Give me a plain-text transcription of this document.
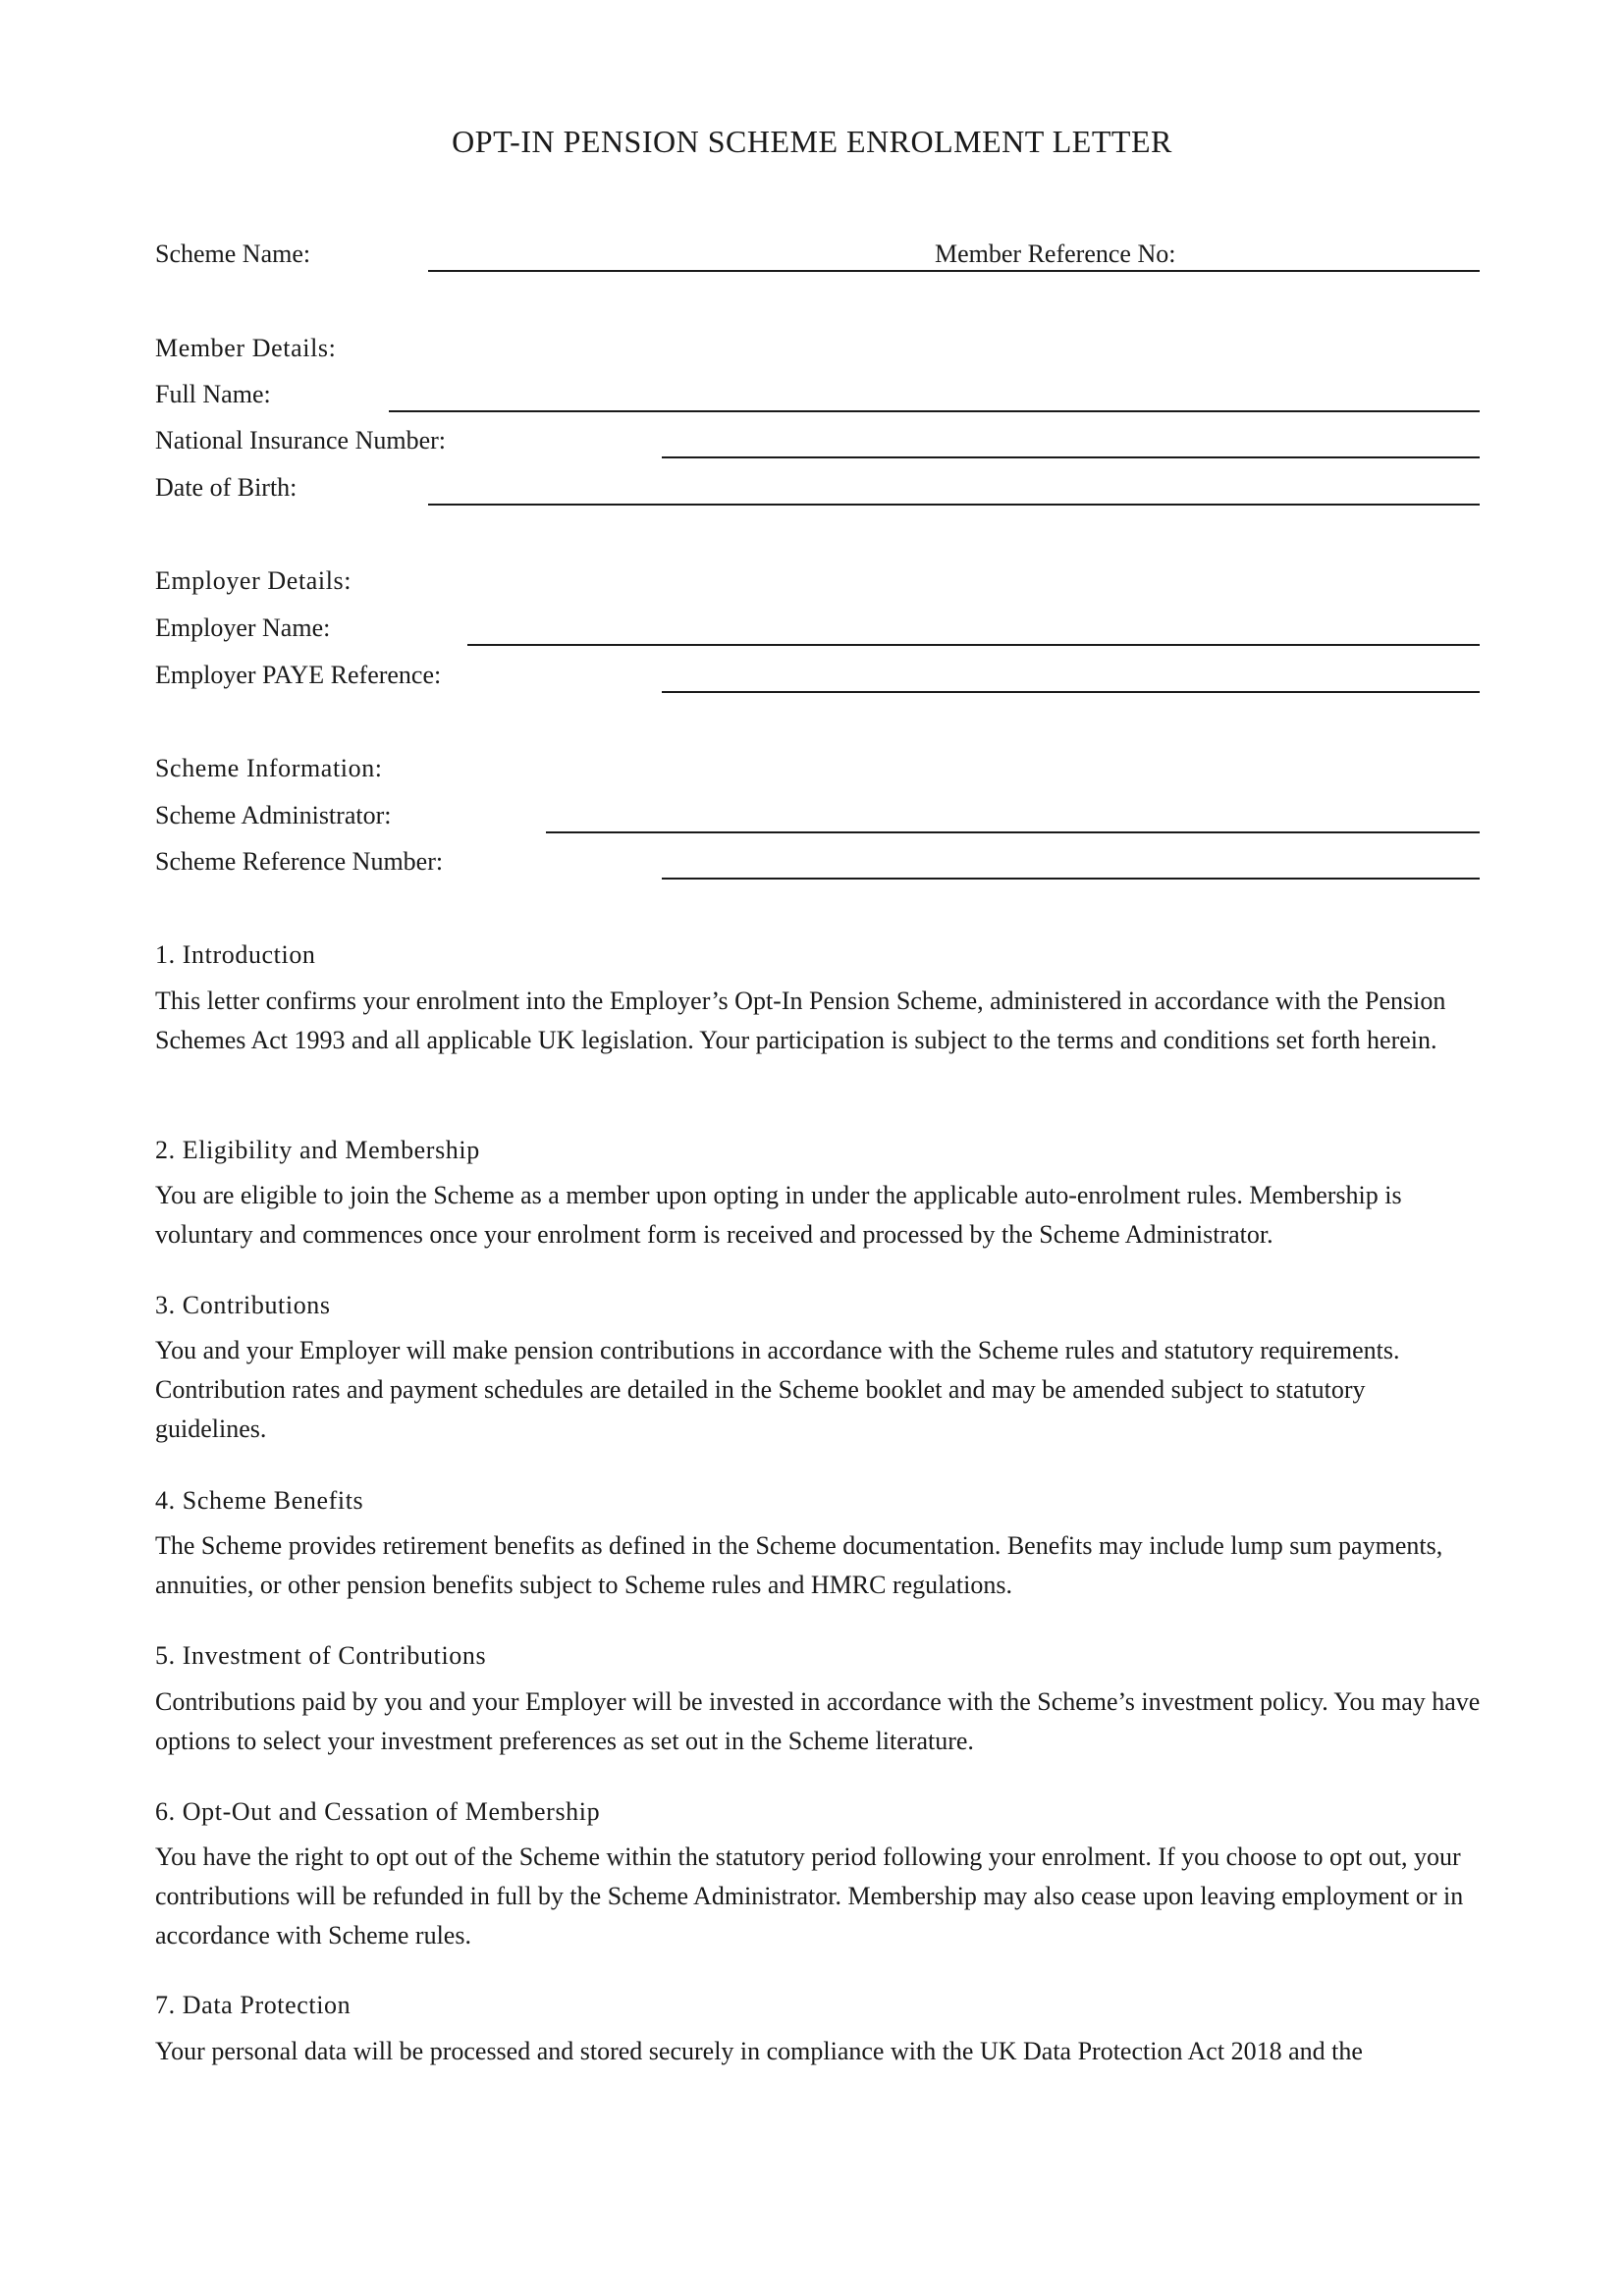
OPT-IN PENSION SCHEME ENROLMENT LETTER
Scheme Name:	Member Reference No:
Member Details:
Full Name:
National Insurance Number:
Date of Birth:
Employer Details:
Employer Name:
Employer PAYE Reference:
Scheme Information:
Scheme Administrator:
Scheme Reference Number:
1. Introduction

This letter confirms your enrolment into the Employer’s Opt-In Pension Scheme, administered in accordance with the Pension Schemes Act 1993 and all applicable UK legislation. Your participation is subject to the terms and conditions set forth herein.

2. Eligibility and Membership

You are eligible to join the Scheme as a member upon opting in under the applicable auto-enrolment rules. Membership is voluntary and commences once your enrolment form is received and processed by the Scheme Administrator.

3. Contributions

You and your Employer will make pension contributions in accordance with the Scheme rules and statutory requirements. Contribution rates and payment schedules are detailed in the Scheme booklet and may be amended subject to statutory guidelines.

4. Scheme Benefits

The Scheme provides retirement benefits as defined in the Scheme documentation. Benefits may include lump sum payments, annuities, or other pension benefits subject to Scheme rules and HMRC regulations.

5. Investment of Contributions

Contributions paid by you and your Employer will be invested in accordance with the Scheme’s investment policy. You may have options to select your investment preferences as set out in the Scheme literature.

6. Opt-Out and Cessation of Membership

You have the right to opt out of the Scheme within the statutory period following your enrolment. If you choose to opt out, your contributions will be refunded in full by the Scheme Administrator. Membership may also cease upon leaving employment or in accordance with Scheme rules.

7. Data Protection

Your personal data will be processed and stored securely in compliance with the UK Data Protection Act 2018 and the
